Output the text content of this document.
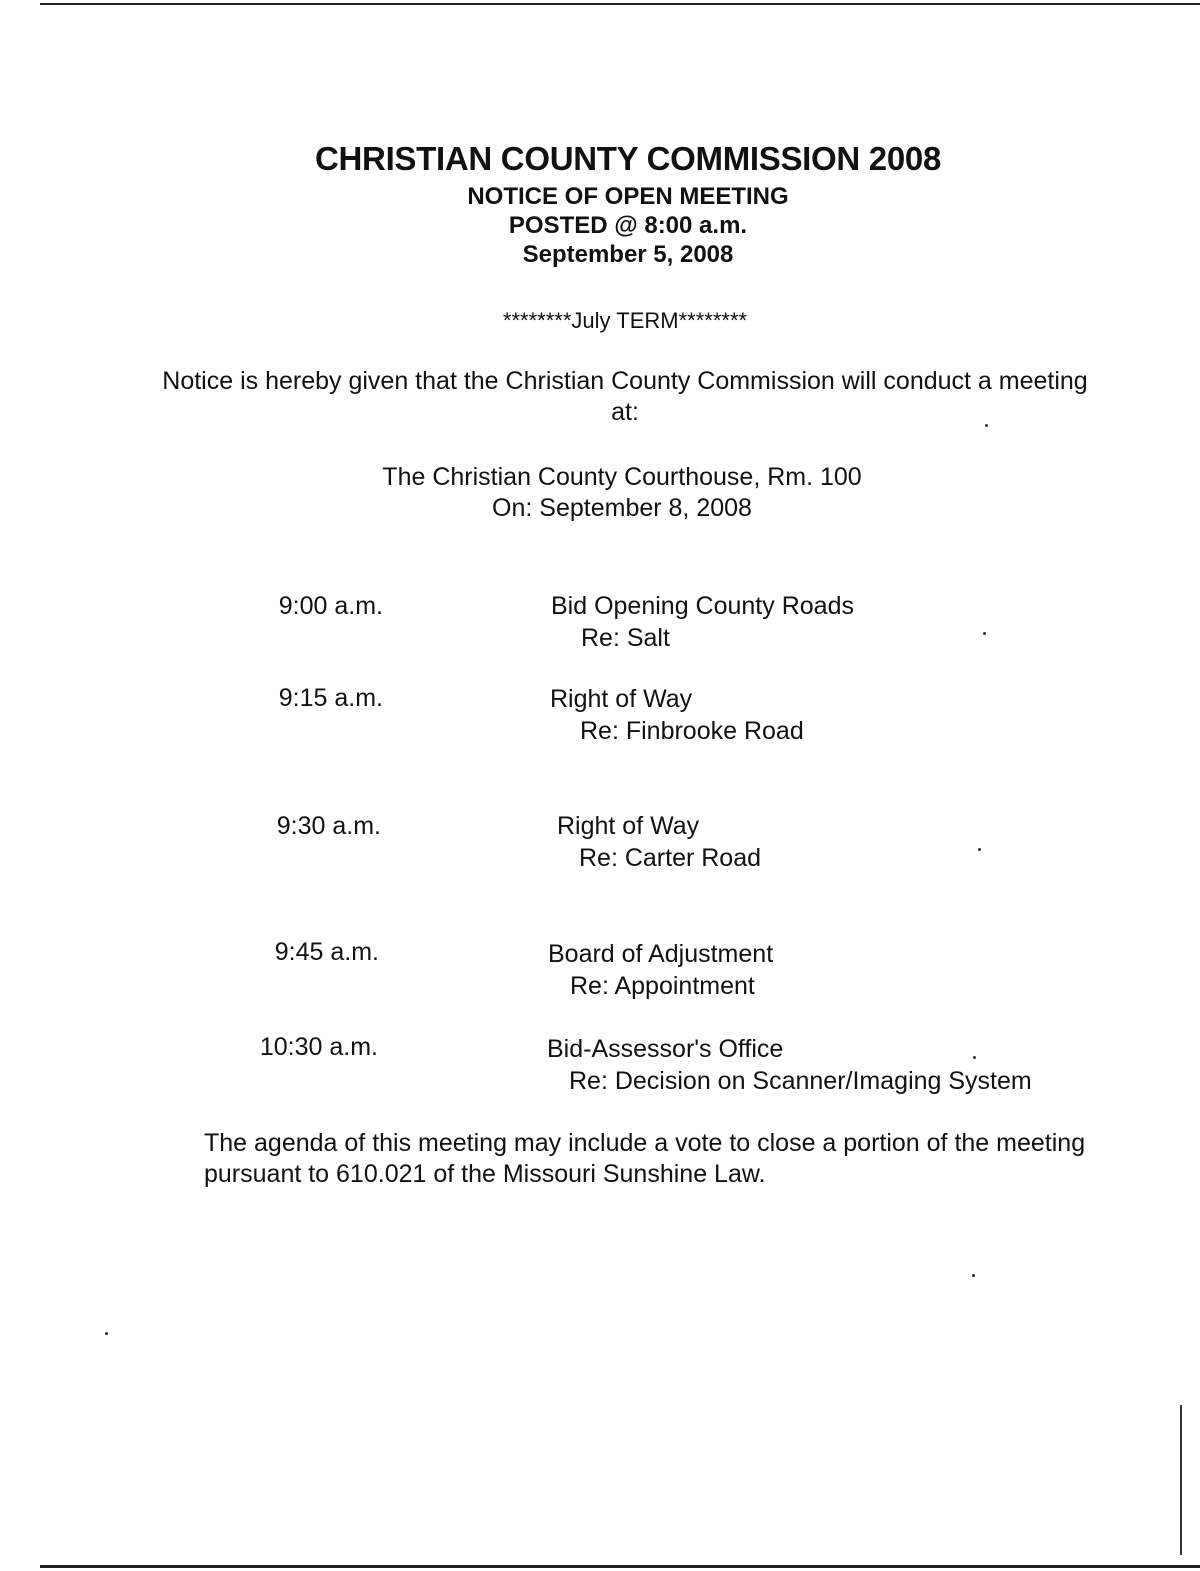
CHRISTIAN COUNTY COMMISSION 2008
NOTICE OF OPEN MEETING
POSTED @ 8:00 a.m.
September 5, 2008
********July TERM********
Notice is hereby given that the Christian County Commission will conduct a meeting at:
The Christian County Courthouse, Rm. 100
On: September 8, 2008
9:00 a.m.	Bid Opening County Roads
Re: Salt
9:15 a.m.	Right of Way
Re: Finbrooke Road
9:30 a.m.	Right of Way
Re: Carter Road
9:45 a.m.	Board of Adjustment
Re: Appointment
10:30 a.m.	Bid-Assessor's Office
Re: Decision on Scanner/Imaging System
The agenda of this meeting may include a vote to close a portion of the meeting pursuant to 610.021 of the Missouri Sunshine Law.
